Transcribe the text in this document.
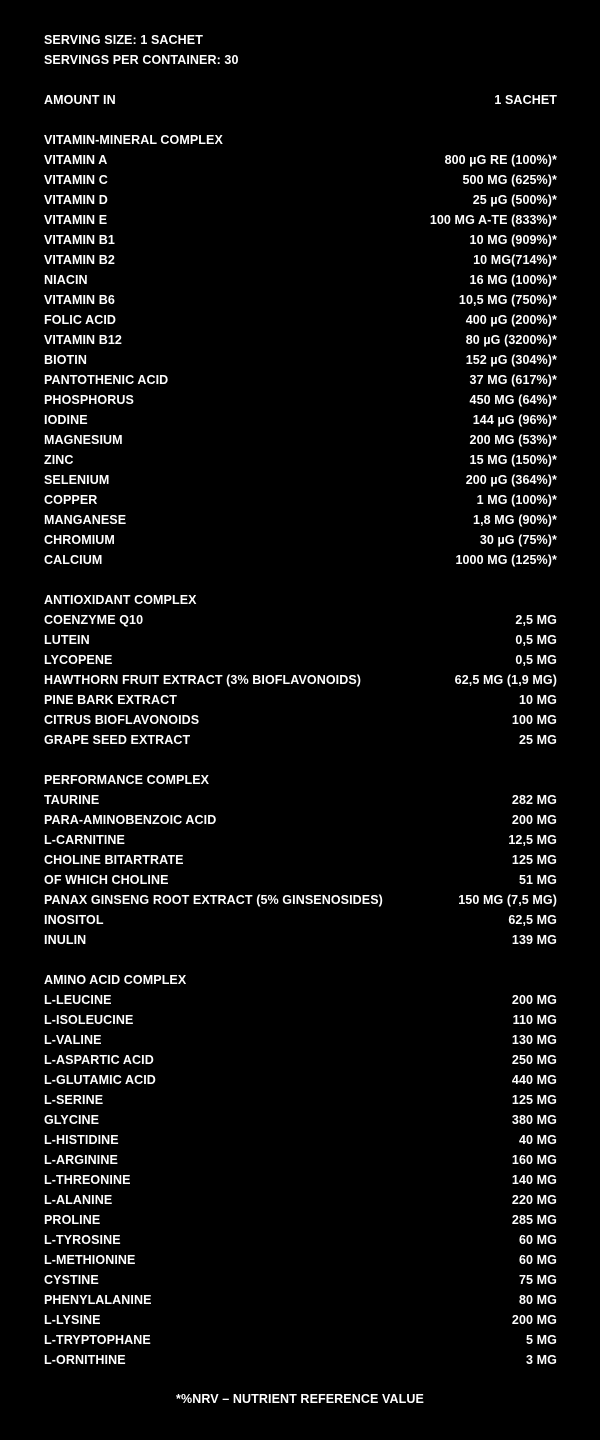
SERVING SIZE: 1 SACHET
SERVINGS PER CONTAINER: 30
AMOUNT IN	1 SACHET
VITAMIN-MINERAL COMPLEX
VITAMIN A	800 µG RE (100%)*
VITAMIN C	500 MG (625%)*
VITAMIN D	25 µG (500%)*
VITAMIN E	100 MG A-TE (833%)*
VITAMIN B1	10 MG (909%)*
VITAMIN B2	10 MG(714%)*
NIACIN	16 MG (100%)*
VITAMIN B6	10,5 MG (750%)*
FOLIC ACID	400 µG (200%)*
VITAMIN B12	80 µG (3200%)*
BIOTIN	152 µG (304%)*
PANTOTHENIC ACID	37 MG (617%)*
PHOSPHORUS	450 MG (64%)*
IODINE	144 µG (96%)*
MAGNESIUM	200 MG (53%)*
ZINC	15 MG (150%)*
SELENIUM	200 µG (364%)*
COPPER	1 MG (100%)*
MANGANESE	1,8 MG (90%)*
CHROMIUM	30 µG (75%)*
CALCIUM	1000 MG (125%)*
ANTIOXIDANT COMPLEX
COENZYME Q10	2,5 MG
LUTEIN	0,5 MG
LYCOPENE	0,5 MG
HAWTHORN FRUIT EXTRACT (3% BIOFLAVONOIDS)	62,5 MG (1,9 MG)
PINE BARK EXTRACT	10 MG
CITRUS BIOFLAVONOIDS	100 MG
GRAPE SEED EXTRACT	25 MG
PERFORMANCE COMPLEX
TAURINE	282 MG
PARA-AMINOBENZOIC ACID	200 MG
L-CARNITINE	12,5 MG
CHOLINE BITARTRATE	125 MG
OF WHICH CHOLINE	51 MG
PANAX GINSENG ROOT EXTRACT (5% GINSENOSIDES)	150 MG (7,5 MG)
INOSITOL	62,5 MG
INULIN	139 MG
AMINO ACID COMPLEX
L-LEUCINE	200 MG
L-ISOLEUCINE	110 MG
L-VALINE	130 MG
L-ASPARTIC ACID	250 MG
L-GLUTAMIC ACID	440 MG
L-SERINE	125 MG
GLYCINE	380 MG
L-HISTIDINE	40 MG
L-ARGININE	160 MG
L-THREONINE	140 MG
L-ALANINE	220 MG
PROLINE	285 MG
L-TYROSINE	60 MG
L-METHIONINE	60 MG
CYSTINE	75 MG
PHENYLALANINE	80 MG
L-LYSINE	200 MG
L-TRYPTOPHANE	5 MG
L-ORNITHINE	3 MG
*%NRV – NUTRIENT REFERENCE VALUE
